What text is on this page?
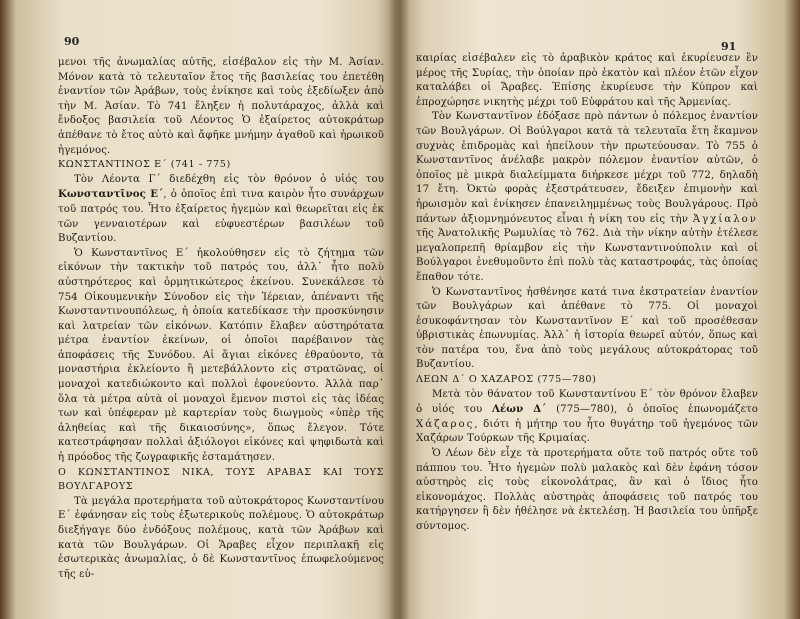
90

μενοι τῆς ἀνωμαλίας αὐτῆς, εἰσέβαλον εἰς τὴν Μ. Ἀσίαν. Μόνον κατὰ τὸ τελευταῖον ἔτος τῆς βασιλείας του ἐπετέθη ἐναντίον τῶν Ἀράβων, τοὺς ἐνίκησε καὶ τοὺς ἐξεδίωξεν ἀπὸ τὴν Μ. Ἀσίαν. Τὸ 741 ἔληξεν ἡ πολυτάραχος, ἀλλὰ καὶ ἔνδοξος βασιλεία τοῦ Λέοντος Ὁ ἐξαίρετος αὐτοκράτωρ ἀπέθανε τὸ ἔτος αὐτὸ καὶ ἄφῆκε μνήμην ἀγαθοῦ καὶ ἡρωικοῦ ἡγεμόνος.

ΚΩΝΣΤΑΝΤΙΝΟΣ Ε΄ (741 - 775)

Τὸν Λέοντα Γ΄ διεδέχθη εἰς τὸν θρόνον ὁ υἱός του Κωνσταντῖνος Ε΄, ὁ ὁποῖος ἐπὶ τινα καιρὸν ἦτο συνάρχων τοῦ πατρός του. Ἦτο ἐξαίρετος ἡγεμὼν καὶ θεωρεῖται εἰς ἐκ τῶν γενναιοτέρων καὶ εὐφυεστέρων βασιλέων τοῦ Βυζαντίου.

Ὁ Κωνσταντῖνος Ε΄ ἠκολούθησεν εἰς τὸ ζήτημα τῶν εἰκόνων τὴν τακτικὴν τοῦ πατρός του, ἀλλ᾽ ἦτο πολὺ αὐστηρότερος καὶ ὁρμητικώτερος ἐκείνου. Συνεκάλεσε τὸ 754 Οἰκουμενικὴν Σύνοδον εἰς τὴν Ἱέρειαν, ἀπέναντι τῆς Κωνσταντινουπόλεως, ἡ ὁποία κατεδίκασε τὴν προσκύνησιν καὶ λατρείαν τῶν εἰκόνων. Κατόπιν ἔλαβεν αὐστηρότατα μέτρα ἐναντίον ἐκείνων, οἱ ὁποῖοι παρέβαινον τὰς ἀποφάσεις τῆς Συνόδου. Αἱ ἅγιαι εἰκόνες ἐθραύοντο, τὰ μοναστήρια ἐκλείοντο ἢ μετεβάλλοντο εἰς στρατῶνας, οἱ μοναχοὶ κατεδιώκοντο καὶ πολλοὶ ἐφονεύοντο. Ἀλλὰ παρ᾽ ὅλα τὰ μέτρα αὐτὰ οἱ μοναχοὶ ἔμενον πιστοὶ εἰς τὰς ἰδέας των καὶ ὑπέφεραν μὲ καρτερίαν τοὺς διωγμοὺς «ὑπὲρ τῆς ἀληθείας καὶ τῆς δικαιοσύνης», ὅπως ἔλεγον. Τότε κατεστράφησαν πολλαὶ ἀξιόλογοι εἰκόνες καὶ ψηφιδωτὰ καὶ ἡ πρόοδος τῆς ζωγραφικῆς ἐσταμάτησεν.

Ο ΚΩΝΣΤΑΝΤΙΝΟΣ ΝΙΚΑ, ΤΟΥΣ ΑΡΑΒΑΣ ΚΑΙ ΤΟΥΣ ΒΟΥΛΓΑΡΟΥΣ

Τὰ μεγάλα προτερήματα τοῦ αὐτοκράτορος Κωνσταντίνου Ε΄ ἐφάνησαν εἰς τοὺς ἐξωτερικοὺς πολέμους. Ὁ αὐτοκράτωρ διεξήγαγε δύο ἐνδόξους πολέμους, κατὰ τῶν Ἀράβων καὶ κατὰ τῶν Βουλγάρων. Οἱ Ἄραβες εἶχον περιπλακῆ εἰς ἐσωτερικὰς ἀνωμαλίας, ὁ δὲ Κωνσταντῖνος ἐπωφελούμενος τῆς εὐ-

91

καιρίας εἰσέβαλεν εἰς τὸ ἀραβικὸν κράτος καὶ ἐκυρίευσεν ἓν μέρος τῆς Συρίας, τὴν ὁποίαν πρὸ ἑκατὸν καὶ πλέον ἐτῶν εἶχον καταλάβει οἱ Ἄραβες. Ἐπίσης ἐκυρίευσε τὴν Κύπρον καὶ ἐπροχώρησε νικητὴς μέχρι τοῦ Εὐφράτου καὶ τῆς Ἀρμενίας.

Τὸν Κωνσταντῖνον ἐδόξασε πρὸ πάντων ὁ πόλεμος ἐναντίον τῶν Βουλγάρων. Οἱ Βούλγαροι κατὰ τὰ τελευταῖα ἔτη ἔκαμνον συχνὰς ἐπιδρομὰς καὶ ἠπείλουν τὴν πρωτεύουσαν. Τὸ 755 ὁ Κωνσταντῖνος ἀνέλαβε μακρὸν πόλεμον ἐναντίον αὐτῶν, ὁ ὁποῖος μὲ μικρὰ διαλείμματα διήρκεσε μέχρι τοῦ 772, δηλαδὴ 17 ἔτη. Ὀκτὼ φορὰς ἐξεστράτευσεν, ἔδειξεν ἐπιμονὴν καὶ ἡρωισμὸν καὶ ἐνίκησεν ἐπανειλημμένως τοὺς Βουλγάρους. Πρὸ πάντων ἀξιομνημόνευτος εἶναι ἡ νίκη του εἰς τὴν Ἀγχίαλον τῆς Ἀνατολικῆς Ρωμυλίας τὸ 762. Διὰ τὴν νίκην αὐτὴν ἐτέλεσε μεγαλοπρεπῆ θρίαμβον εἰς τὴν Κωνσταντινούπολιν καὶ οἱ Βούλγαροι ἐνεθυμοῦντο ἐπὶ πολὺ τὰς καταστροφάς, τὰς ὁποίας ἔπαθον τότε.

Ὁ Κωνσταντῖνος ἠσθένησε κατά τινα ἐκστρατείαν ἐναντίον τῶν Βουλγάρων καὶ ἀπέθανε τὸ 775. Οἱ μοναχοὶ ἐσυκοφάντησαν τὸν Κωνσταντῖνον Ε΄ καὶ τοῦ προσέθεσαν ὑβριστικὰς ἐπωνυμίας. Ἀλλ᾽ ἡ ἱστορία θεωρεῖ αὐτόν, ὅπως καὶ τὸν πατέρα του, ἕνα ἀπὸ τοὺς μεγάλους αὐτοκράτορας τοῦ Βυζαντίου.

ΛΕΩΝ Δ΄ Ο ΧΑΖΑΡΟΣ (775—780)

Μετὰ τὸν θάνατον τοῦ Κωνσταντίνου Ε΄ τὸν θρόνον ἔλαβεν ὁ υἱός του Λέων Δ΄ (775—780), ὁ ὁποῖος ἐπωνομάζετο Χάζαρος, διότι ἡ μήτηρ του ἦτο θυγάτηρ τοῦ ἡγεμόνος τῶν Χαζάρων Τούρκων τῆς Κριμαίας.

Ὁ Λέων δὲν εἶχε τὰ προτερήματα οὔτε τοῦ πατρός οὔτε τοῦ πάππου του. Ἦτο ἡγεμὼν πολὺ μαλακὸς καὶ δὲν ἐφάνη τόσον αὐστηρὸς εἰς τοὺς εἰκονολάτρας, ἂν καὶ ὁ ἴδιος ἦτο εἰκονομάχος. Πολλὰς αὐστηρὰς ἀποφάσεις τοῦ πατρός του κατήργησεν ἢ δὲν ἠθέλησε νὰ ἐκτελέσῃ. Ἡ βασιλεία του ὑπῆρξε σύντομος.
